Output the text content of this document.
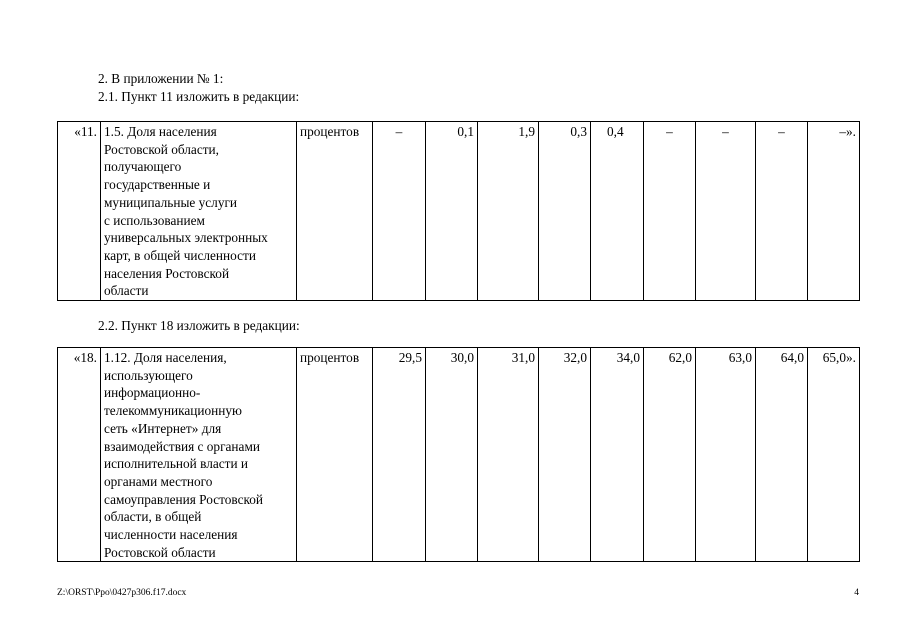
2. В приложении № 1:
2.1. Пункт 11 изложить в редакции:
«11.	1.5. Доля населения
Ростовской области,
получающего
государственные и
муниципальные услуги
с использованием
универсальных электронных
карт, в общей численности
населения Ростовской
области
	процентов	–	0,1	1,9	0,3	0,4	–	–	–	–».
2.2. Пункт 18 изложить в редакции:
«18.	1.12. Доля населения,
использующего
информационно-
телекоммуникационную
сеть «Интернет» для
взаимодействия с органами
исполнительной власти и
органами местного
самоуправления Ростовской
области, в общей
численности населения
Ростовской области
	процентов	29,5	30,0	31,0	32,0	34,0	62,0	63,0	64,0	65,0».
Z:\ORST\Ppo\0427p306.f17.docx	4
